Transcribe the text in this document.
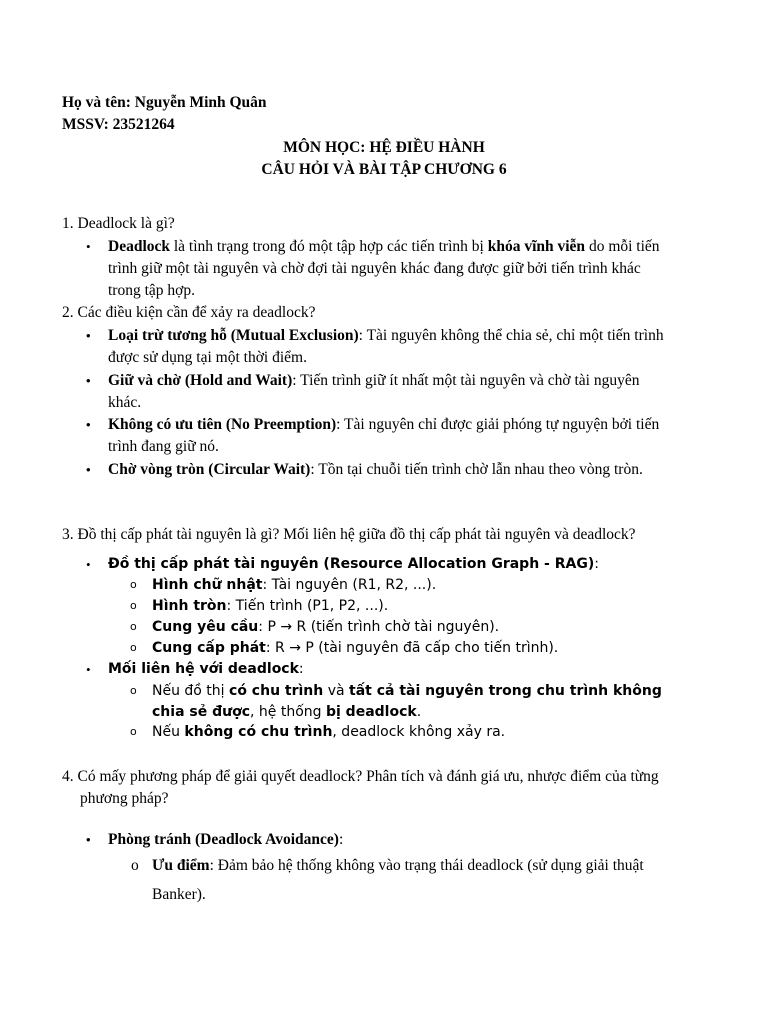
Họ và tên: Nguyễn Minh Quân
MSSV: 23521264
MÔN HỌC: HỆ ĐIỀU HÀNH
CÂU HỎI VÀ BÀI TẬP CHƯƠNG 6
1. Deadlock là gì?
• Deadlock là tình trạng trong đó một tập hợp các tiến trình bị khóa vĩnh viễn do mỗi tiến
trình giữ một tài nguyên và chờ đợi tài nguyên khác đang được giữ bởi tiến trình khác
trong tập hợp.
2. Các điều kiện cần để xảy ra deadlock?
• Loại trừ tương hỗ (Mutual Exclusion): Tài nguyên không thể chia sẻ, chỉ một tiến trình
được sử dụng tại một thời điểm.
• Giữ và chờ (Hold and Wait): Tiến trình giữ ít nhất một tài nguyên và chờ tài nguyên
khác.
• Không có ưu tiên (No Preemption): Tài nguyên chỉ được giải phóng tự nguyện bởi tiến
trình đang giữ nó.
• Chờ vòng tròn (Circular Wait): Tồn tại chuỗi tiến trình chờ lẫn nhau theo vòng tròn.
3. Đồ thị cấp phát tài nguyên là gì? Mối liên hệ giữa đồ thị cấp phát tài nguyên và deadlock?
• Đồ thị cấp phát tài nguyên (Resource Allocation Graph - RAG):
o Hình chữ nhật: Tài nguyên (R1, R2, ...).
o Hình tròn: Tiến trình (P1, P2, ...).
o Cung yêu cầu: P → R (tiến trình chờ tài nguyên).
o Cung cấp phát: R → P (tài nguyên đã cấp cho tiến trình).
• Mối liên hệ với deadlock:
o Nếu đồ thị có chu trình và tất cả tài nguyên trong chu trình không
chia sẻ được, hệ thống bị deadlock.
o Nếu không có chu trình, deadlock không xảy ra.
4. Có mấy phương pháp để giải quyết deadlock? Phân tích và đánh giá ưu, nhược điểm của từng
phương pháp?
• Phòng tránh (Deadlock Avoidance):
o Ưu điểm: Đảm bảo hệ thống không vào trạng thái deadlock (sử dụng giải thuật
Banker).
